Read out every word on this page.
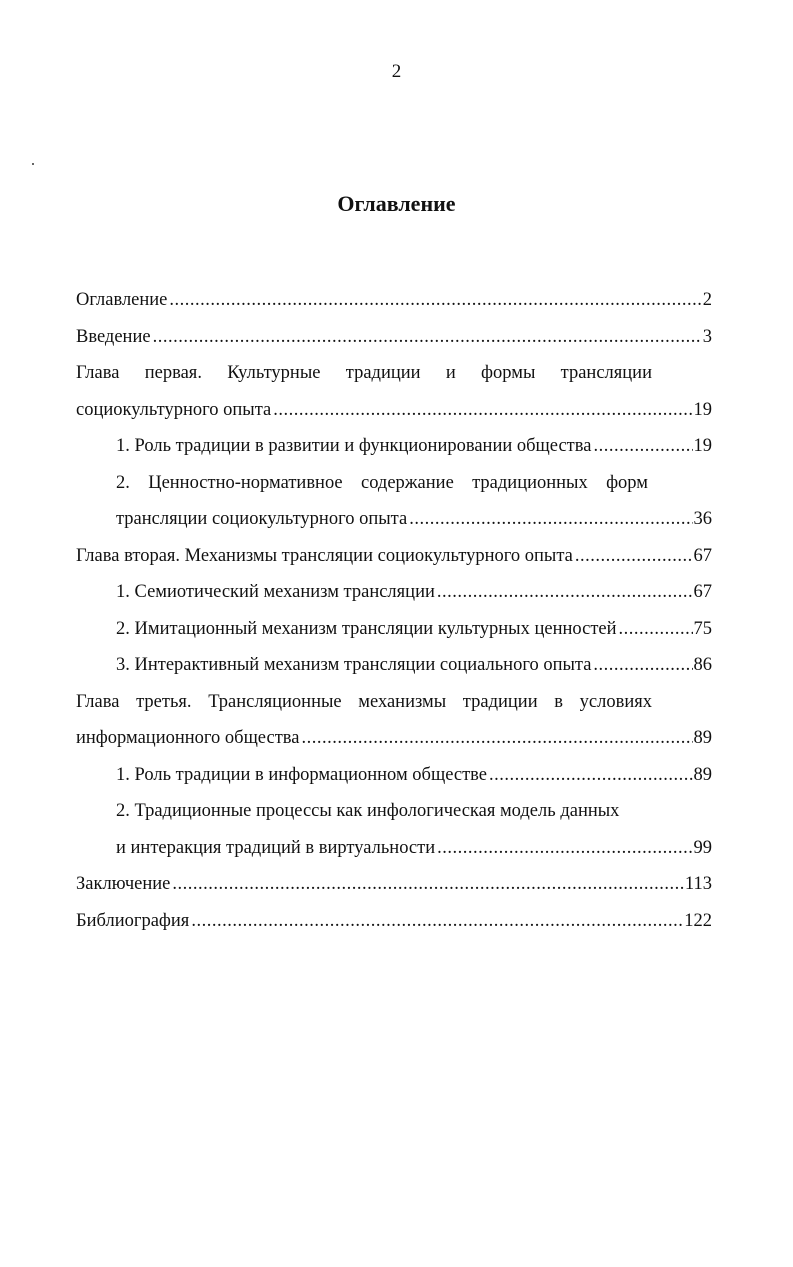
2
Оглавление
Оглавление .....	2
Введение .....	3
Глава первая. Культурные традиции и формы трансляции
социокультурного опыта .....	19
1. Роль традиции в развитии и функционировании общества .....	19
2. Ценностно-нормативное содержание традиционных форм
трансляции социокультурного опыта .....	36
Глава вторая. Механизмы трансляции социокультурного опыта .....	67
1. Семиотический механизм трансляции .....	67
2. Имитационный механизм трансляции культурных ценностей .....	75
3. Интерактивный механизм трансляции социального опыта .....	86
Глава третья. Трансляционные механизмы традиции в условиях
информационного общества .....	89
1. Роль традиции в информационном обществе .....	89
2. Традиционные процессы как инфологическая модель данных
и интеракция традиций в виртуальности .....	99
Заключение .....	113
Библиография .....	122
